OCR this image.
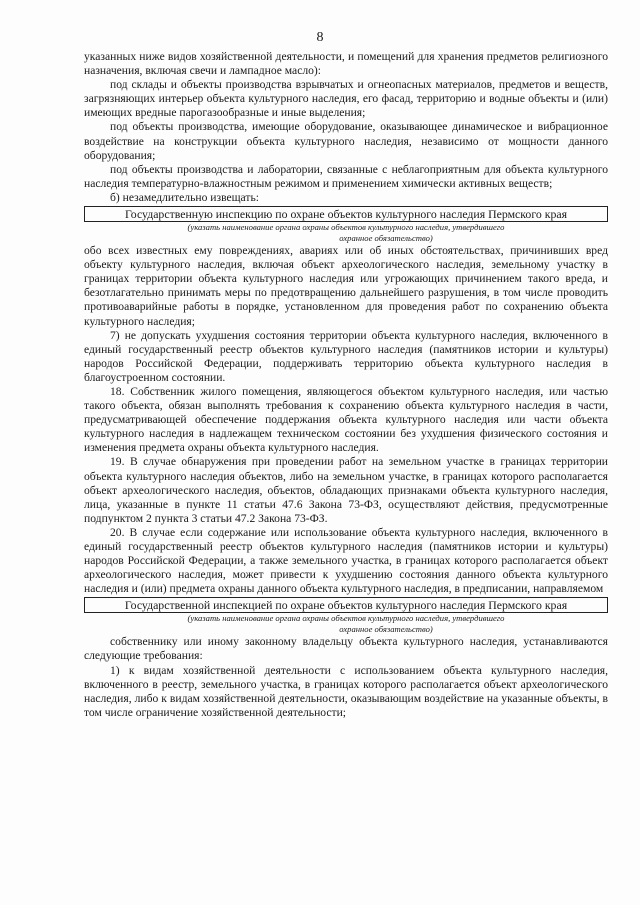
8

указанных ниже видов хозяйственной деятельности, и помещений для хранения предметов религиозного назначения, включая свечи и лампадное масло):

под склады и объекты производства взрывчатых и огнеопасных материалов, предметов и веществ, загрязняющих интерьер объекта культурного наследия, его фасад, территорию и водные объекты и (или) имеющих вредные парогазообразные и иные выделения;

под объекты производства, имеющие оборудование, оказывающее динамическое и вибрационное воздействие на конструкции объекта культурного наследия, независимо от мощности данного оборудования;

под объекты производства и лаборатории, связанные с неблагоприятным для объекта культурного наследия температурно-влажностным режимом и применением химически активных веществ;

б) незамедлительно извещать:

Государственную инспекцию по охране объектов культурного наследия Пермского края

(указать наименование органа охраны объектов культурного наследия, утвердившего

охранное обязательство)

обо всех известных ему повреждениях, авариях или об иных обстоятельствах, причинивших вред объекту культурного наследия, включая объект археологического наследия, земельному участку в границах территории объекта культурного наследия или угрожающих причинением такого вреда, и безотлагательно принимать меры по предотвращению дальнейшего разрушения, в том числе проводить противоаварийные работы в порядке, установленном для проведения работ по сохранению объекта культурного наследия;

7) не допускать ухудшения состояния территории объекта культурного наследия, включенного в единый государственный реестр объектов культурного наследия (памятников истории и культуры) народов Российской Федерации, поддерживать территорию объекта культурного наследия в благоустроенном состоянии.

18. Собственник жилого помещения, являющегося объектом культурного наследия, или частью такого объекта, обязан выполнять требования к сохранению объекта культурного наследия в части, предусматривающей обеспечение поддержания объекта культурного наследия или части объекта культурного наследия в надлежащем техническом состоянии без ухудшения физического состояния и изменения предмета охраны объекта культурного наследия.

19. В случае обнаружения при проведении работ на земельном участке в границах территории объекта культурного наследия объектов, либо на земельном участке, в границах которого располагается объект археологического наследия, объектов, обладающих признаками объекта культурного наследия, лица, указанные в пункте 11 статьи 47.6 Закона 73-ФЗ, осуществляют действия, предусмотренные подпунктом 2 пункта 3 статьи 47.2 Закона 73-ФЗ.

20. В случае если содержание или использование объекта культурного наследия, включенного в единый государственный реестр объектов культурного наследия (памятников истории и культуры) народов Российской Федерации, а также земельного участка, в границах которого располагается объект археологического наследия, может привести к ухудшению состояния данного объекта культурного наследия и (или) предмета охраны данного объекта культурного наследия, в предписании, направляемом

Государственной инспекцией по охране объектов культурного наследия Пермского края

(указать наименование органа охраны объектов культурного наследия, утвердившего

охранное обязательство)

собственнику или иному законному владельцу объекта культурного наследия, устанавливаются следующие требования:

1) к видам хозяйственной деятельности с использованием объекта культурного наследия, включенного в реестр, земельного участка, в границах которого располагается объект археологического наследия, либо к видам хозяйственной деятельности, оказывающим воздействие на указанные объекты, в том числе ограничение хозяйственной деятельности;
